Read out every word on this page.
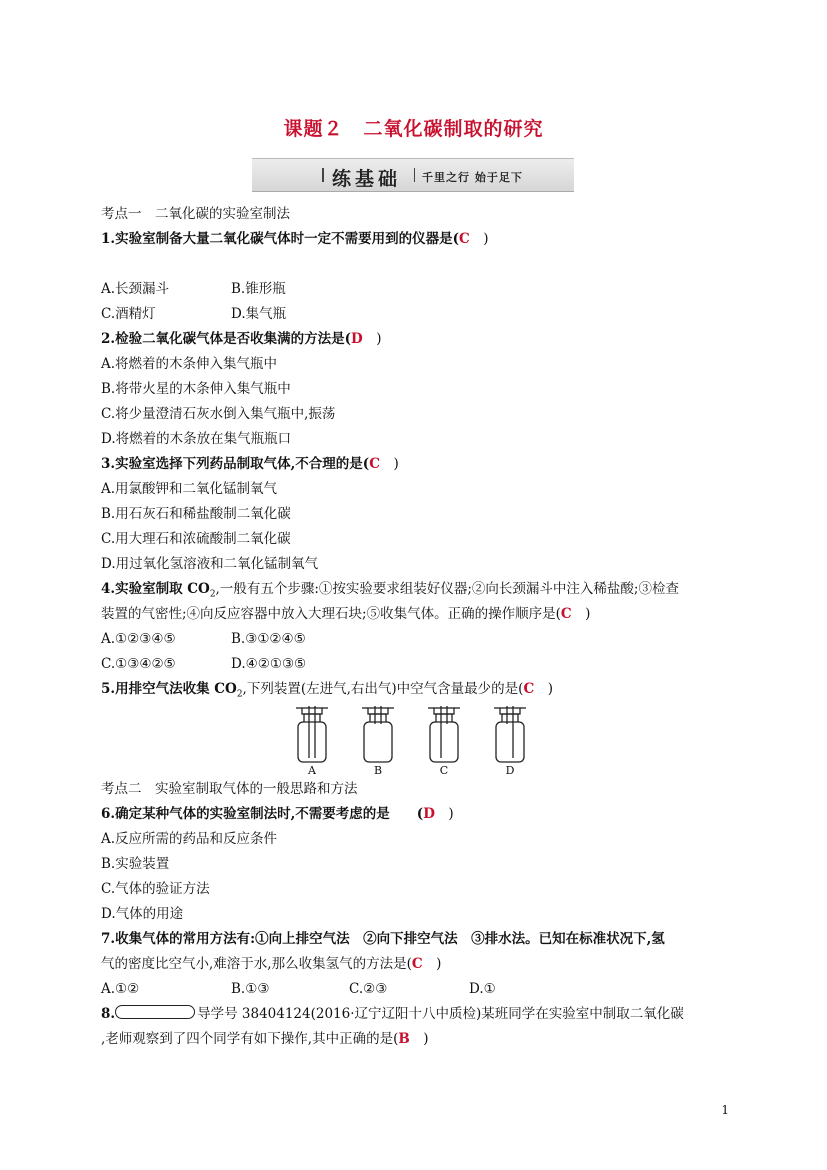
课题２　二氧化碳制取的研究
练基础 千里之行 始于足下
考点一　二氧化碳的实验室制法
1.实验室制备大量二氧化碳气体时一定不需要用到的仪器是(C　 )
A.长颈漏斗	B.锥形瓶
C.酒精灯	D.集气瓶
2.检验二氧化碳气体是否收集满的方法是(D　 )
A.将燃着的木条伸入集气瓶中
B.将带火星的木条伸入集气瓶中
C.将少量澄清石灰水倒入集气瓶中,振荡
D.将燃着的木条放在集气瓶瓶口
3.实验室选择下列药品制取气体,不合理的是(C　 )
A.用氯酸钾和二氧化锰制氧气
B.用石灰石和稀盐酸制二氧化碳
C.用大理石和浓硫酸制二氧化碳
D.用过氧化氢溶液和二氧化锰制氧气
4.实验室制取 $CO_2$,一般有五个步骤:①按实验要求组装好仪器;②向长颈漏斗中注入稀盐酸;③检查
装置的气密性;④向反应容器中放入大理石块;⑤收集气体。正确的操作顺序是(C　 )
A.①②③④⑤	B.③①②④⑤
C.①③④②⑤	D.④②①③⑤
5.用排空气法收集 $CO_2$,下列装置(左进气,右出气)中空气含量最少的是(C　 )
A	B	C	D
考点二　实验室制取气体的一般思路和方法
6.确定某种气体的实验室制法时,不需要考虑的是　　(D　 )
A.反应所需的药品和反应条件
B.实验装置
C.气体的验证方法
D.气体的用途
7.收集气体的常用方法有:①向上排空气法　②向下排空气法　③排水法。已知在标准状况下,氢
气的密度比空气小,难溶于水,那么收集氢气的方法是(C　 )
A.①②	B.①③	C.②③	D.①
8.	导学号 38404124(2016·辽宁辽阳十八中质检)某班同学在实验室中制取二氧化碳
,老师观察到了四个同学有如下操作,其中正确的是(B　 )
1
